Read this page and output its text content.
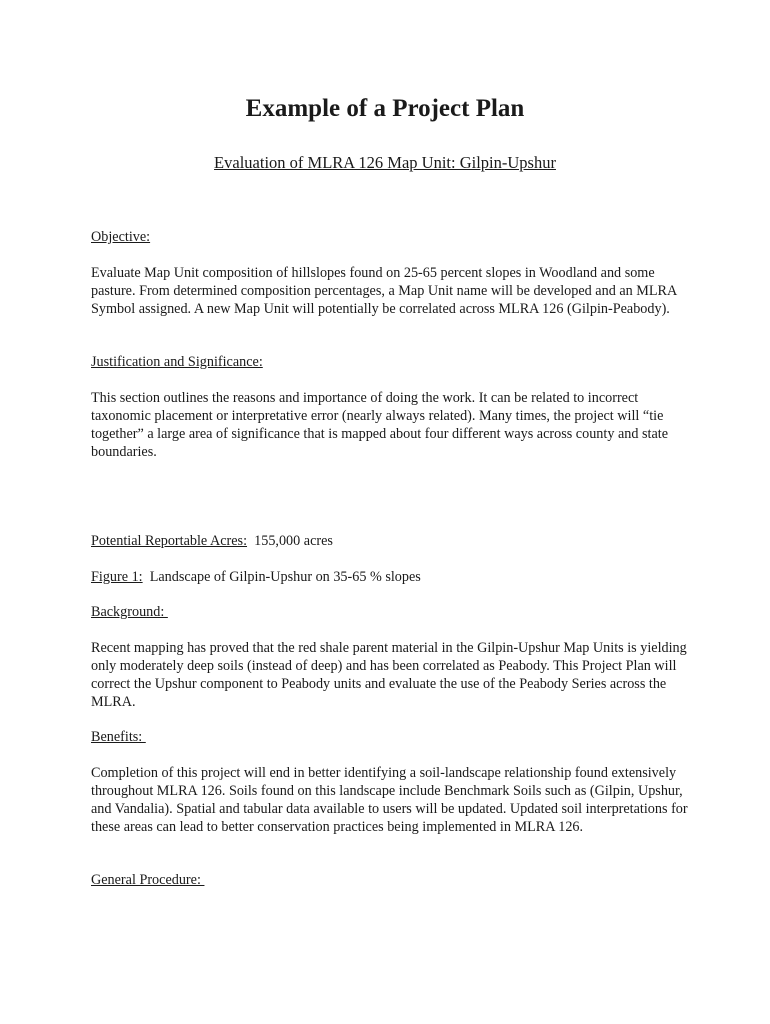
Example of a Project Plan

Evaluation of MLRA 126 Map Unit: Gilpin-Upshur

Objective:

Evaluate Map Unit composition of hillslopes found on 25-65 percent slopes in Woodland and some pasture. From determined composition percentages, a Map Unit name will be developed and an MLRA Symbol assigned. A new Map Unit will potentially be correlated across MLRA 126 (Gilpin-Peabody).

Justification and Significance:

This section outlines the reasons and importance of doing the work. It can be related to incorrect taxonomic placement or interpretative error (nearly always related). Many times, the project will “tie together” a large area of significance that is mapped about four different ways across county and state boundaries.

Potential Reportable Acres: 155,000 acres

Figure 1: Landscape of Gilpin-Upshur on 35-65 % slopes

Background:

Recent mapping has proved that the red shale parent material in the Gilpin-Upshur Map Units is yielding only moderately deep soils (instead of deep) and has been correlated as Peabody. This Project Plan will correct the Upshur component to Peabody units and evaluate the use of the Peabody Series across the MLRA.

Benefits:

Completion of this project will end in better identifying a soil-landscape relationship found extensively throughout MLRA 126. Soils found on this landscape include Benchmark Soils such as (Gilpin, Upshur, and Vandalia). Spatial and tabular data available to users will be updated. Updated soil interpretations for these areas can lead to better conservation practices being implemented in MLRA 126.

General Procedure:
